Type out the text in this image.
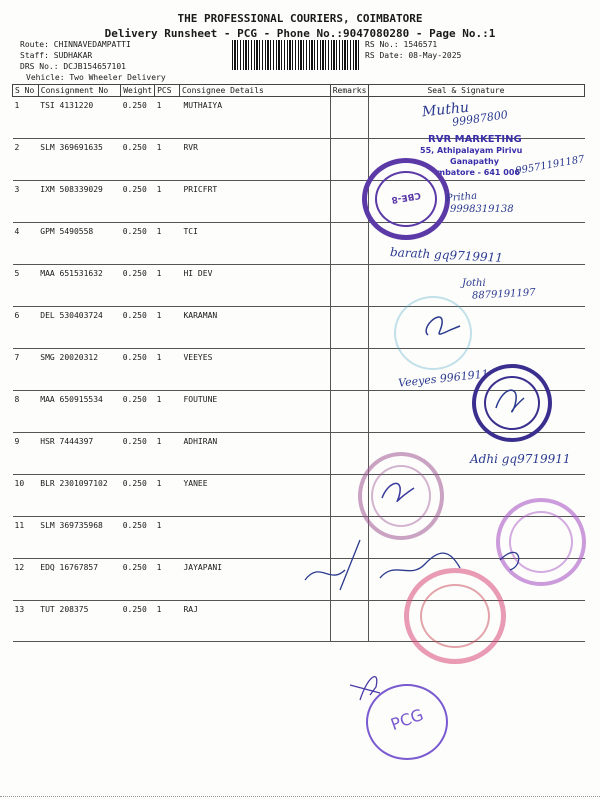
THE PROFESSIONAL COURIERS, COIMBATORE
Delivery Runsheet - PCG - Phone No.:9047080280 - Page No.:1
Route: CHINNAVEDAMPATTI
Staff: SUDHAKAR
DRS No.: DCJB154657101
Vehicle: Two Wheeler Delivery
RS No.: 1546571
RS Date: 08-May-2025
S No	Consignment No	Weight	PCS	Consignee Details	Remarks	Seal & Signature
1	TSI 4131220	0.250	1	MUTHAIYA		
2	SLM 369691635	0.250	1	RVR		
3	IXM 508339029	0.250	1	PRICFRT		
4	GPM 5490558	0.250	1	TCI		
5	MAA 651531632	0.250	1	HI DEV		
6	DEL 530403724	0.250	1	KARAMAN		
7	SMG 20020312	0.250	1	VEEYES		
8	MAA 650915534	0.250	1	FOUTUNE		
9	HSR 7444397	0.250	1	ADHIRAN		
10	BLR 2301097102	0.250	1	YANEE		
11	SLM 369735968	0.250	1			
12	EDQ 16767857	0.250	1	JAYAPANI		
13	TUT 208375	0.250	1	RAJ		
Muthu
99987800
RVR MARKETING
55, Athipalayam Pirivu
Ganapathy
imbatore - 641 006
99571191187
CBE-8	Pritha
9998319138
barath gq9719911
Jothi
8879191197
Veeyes 9961911
Adhi gq9719911
PCG
